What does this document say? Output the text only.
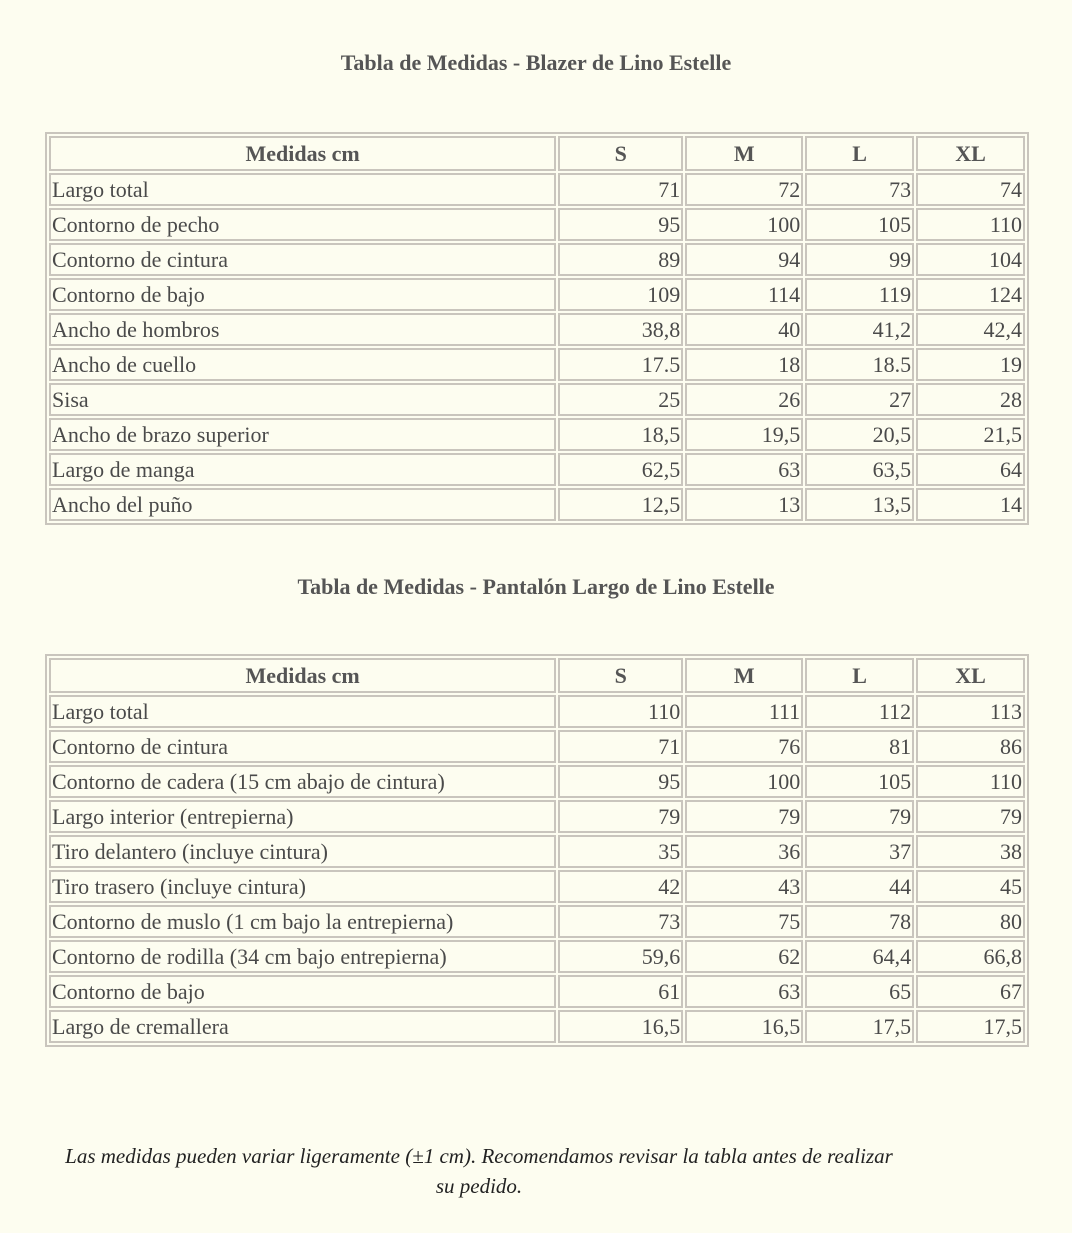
Tabla de Medidas - Blazer de Lino Estelle
Medidas cm	S	M	L	XL
Largo total	71	72	73	74
Contorno de pecho	95	100	105	110
Contorno de cintura	89	94	99	104
Contorno de bajo	109	114	119	124
Ancho de hombros	38,8	40	41,2	42,4
Ancho de cuello	17.5	18	18.5	19
Sisa	25	26	27	28
Ancho de brazo superior	18,5	19,5	20,5	21,5
Largo de manga	62,5	63	63,5	64
Ancho del puño	12,5	13	13,5	14
Tabla de Medidas - Pantalón Largo de Lino Estelle
Medidas cm	S	M	L	XL
Largo total	110	111	112	113
Contorno de cintura	71	76	81	86
Contorno de cadera (15 cm abajo de cintura)	95	100	105	110
Largo interior (entrepierna)	79	79	79	79
Tiro delantero (incluye cintura)	35	36	37	38
Tiro trasero (incluye cintura)	42	43	44	45
Contorno de muslo (1 cm bajo la entrepierna)	73	75	78	80
Contorno de rodilla (34 cm bajo entrepierna)	59,6	62	64,4	66,8
Contorno de bajo	61	63	65	67
Largo de cremallera	16,5	16,5	17,5	17,5
Las medidas pueden variar ligeramente (±1 cm). Recomendamos revisar la tabla antes de realizar su pedido.
